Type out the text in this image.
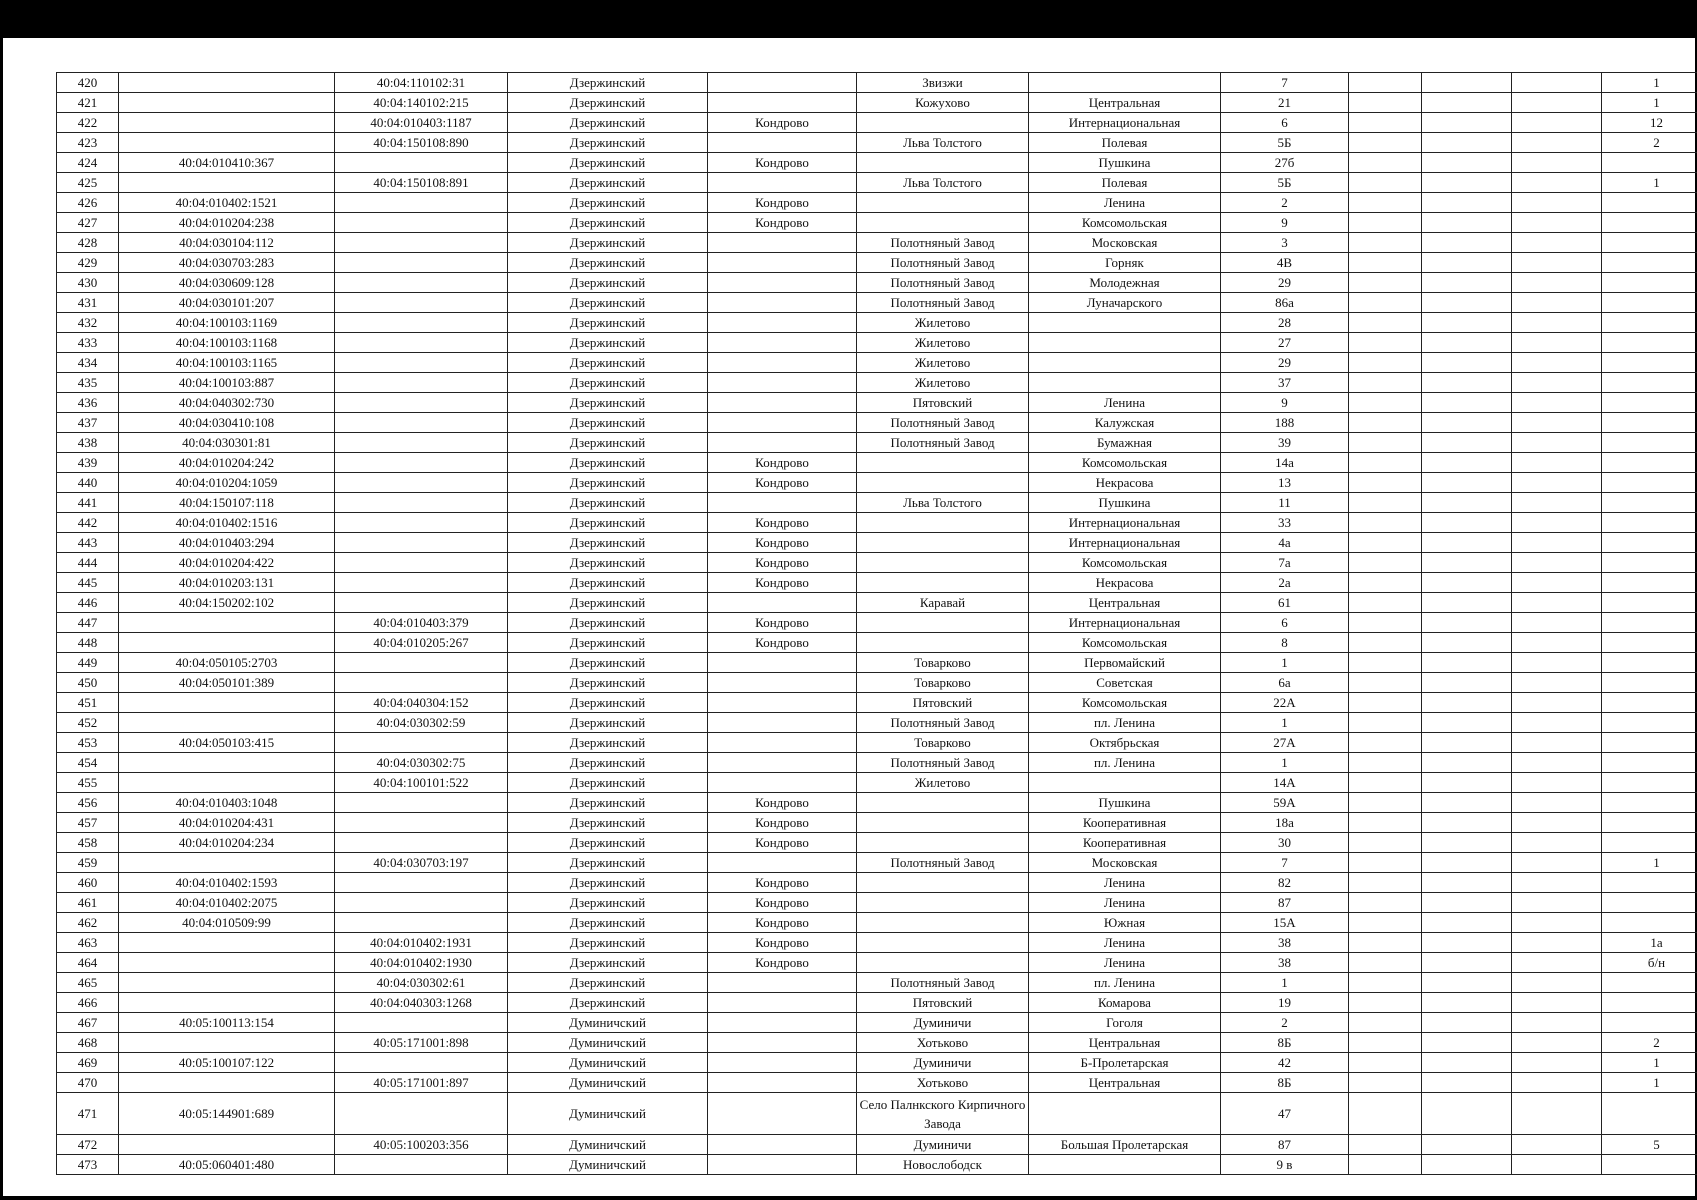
420		40:04:110102:31	Дзержинский		Звизжи		7				1
421		40:04:140102:215	Дзержинский		Кожухово	Центральная	21				1
422		40:04:010403:1187	Дзержинский	Кондрово		Интернациональная	6				12
423		40:04:150108:890	Дзержинский		Льва Толстого	Полевая	5Б				2
424	40:04:010410:367		Дзержинский	Кондрово		Пушкина	27б				
425		40:04:150108:891	Дзержинский		Льва Толстого	Полевая	5Б				1
426	40:04:010402:1521		Дзержинский	Кондрово		Ленина	2				
427	40:04:010204:238		Дзержинский	Кондрово		Комсомольская	9				
428	40:04:030104:112		Дзержинский		Полотняный Завод	Московская	3				
429	40:04:030703:283		Дзержинский		Полотняный Завод	Горняк	4В				
430	40:04:030609:128		Дзержинский		Полотняный Завод	Молодежная	29				
431	40:04:030101:207		Дзержинский		Полотняный Завод	Луначарского	86а				
432	40:04:100103:1169		Дзержинский		Жилетово		28				
433	40:04:100103:1168		Дзержинский		Жилетово		27				
434	40:04:100103:1165		Дзержинский		Жилетово		29				
435	40:04:100103:887		Дзержинский		Жилетово		37				
436	40:04:040302:730		Дзержинский		Пятовский	Ленина	9				
437	40:04:030410:108		Дзержинский		Полотняный Завод	Калужская	188				
438	40:04:030301:81		Дзержинский		Полотняный Завод	Бумажная	39				
439	40:04:010204:242		Дзержинский	Кондрово		Комсомольская	14а				
440	40:04:010204:1059		Дзержинский	Кондрово		Некрасова	13				
441	40:04:150107:118		Дзержинский		Льва Толстого	Пушкина	11				
442	40:04:010402:1516		Дзержинский	Кондрово		Интернациональная	33				
443	40:04:010403:294		Дзержинский	Кондрово		Интернациональная	4а				
444	40:04:010204:422		Дзержинский	Кондрово		Комсомольская	7а				
445	40:04:010203:131		Дзержинский	Кондрово		Некрасова	2а				
446	40:04:150202:102		Дзержинский		Каравай	Центральная	61				
447		40:04:010403:379	Дзержинский	Кондрово		Интернациональная	6				
448		40:04:010205:267	Дзержинский	Кондрово		Комсомольская	8				
449	40:04:050105:2703		Дзержинский		Товарково	Первомайский	1				
450	40:04:050101:389		Дзержинский		Товарково	Советская	6а				
451		40:04:040304:152	Дзержинский		Пятовский	Комсомольская	22А				
452		40:04:030302:59	Дзержинский		Полотняный Завод	пл. Ленина	1				
453	40:04:050103:415		Дзержинский		Товарково	Октябрьская	27А				
454		40:04:030302:75	Дзержинский		Полотняный Завод	пл. Ленина	1				
455		40:04:100101:522	Дзержинский		Жилетово		14А				
456	40:04:010403:1048		Дзержинский	Кондрово		Пушкина	59А				
457	40:04:010204:431		Дзержинский	Кондрово		Кооперативная	18а				
458	40:04:010204:234		Дзержинский	Кондрово		Кооперативная	30				
459		40:04:030703:197	Дзержинский		Полотняный Завод	Московская	7				1
460	40:04:010402:1593		Дзержинский	Кондрово		Ленина	82				
461	40:04:010402:2075		Дзержинский	Кондрово		Ленина	87				
462	40:04:010509:99		Дзержинский	Кондрово		Южная	15А				
463		40:04:010402:1931	Дзержинский	Кондрово		Ленина	38				1а
464		40:04:010402:1930	Дзержинский	Кондрово		Ленина	38				б/н
465		40:04:030302:61	Дзержинский		Полотняный Завод	пл. Ленина	1				
466		40:04:040303:1268	Дзержинский		Пятовский	Комарова	19				
467	40:05:100113:154		Думиничский		Думиничи	Гоголя	2				
468		40:05:171001:898	Думиничский		Хотьково	Центральная	8Б				2
469	40:05:100107:122		Думиничский		Думиничи	Б-Пролетарская	42				1
470		40:05:171001:897	Думиничский		Хотьково	Центральная	8Б				1
471	40:05:144901:689		Думиничский		Село Палнкского Кирпичного Завода		47				
472		40:05:100203:356	Думиничский		Думиничи	Большая Пролетарская	87				5
473	40:05:060401:480		Думиничский		Новослободск		9 в				
